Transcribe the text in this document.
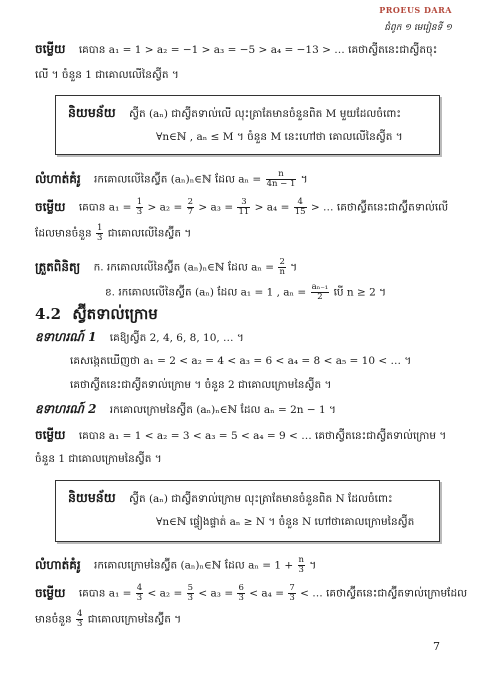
PROEUS DARA
ជំពូក ១ មេរៀនទី ១
ចម្លើយ គេបាន a₁ = 1 > a₂ = −1 > a₃ = −5 > a₄ = −13 > … គេថាស្វ៊ីតនេះជាស្វ៊ីតចុះ
លើ ។ ចំនួន 1 ជាគោលលើនៃស្វ៊ីត ។
និយមន័យ ស្វ៊ីត (aₙ) ជាស្វ៊ីតទាល់លើ លុះត្រាតែមានចំនួនពិត M មួយដែលចំពោះ
∀n∈ℕ , aₙ ≤ M ។ ចំនួន M នេះហៅថា គោលលើនៃស្វ៊ីត ។
លំហាត់គំរូ រកគោលលើនៃស្វ៊ីត (aₙ)ₙ∈ℕ ដែល $a_n = \frac{n}{4n - 1}$ ។
ចម្លើយ គេបាន $a_1 = \frac{1}{3} > a_2 = \frac{2}{7} > a_3 = \frac{3}{11} > a_4 = \frac{4}{15}$ > … គេថាស្វ៊ីតនេះជាស្វ៊ីតទាល់លើ
ដែលមានចំនួន $\frac{1}{3}$ ជាគោលលើនៃស្វ៊ីត ។
ត្រួតពិនិត្យ ក. រកគោលលើនៃស្វ៊ីត (aₙ)ₙ∈ℕ ដែល $a_n = \frac{2}{n}$ ។
ខ. រកគោលលើនៃស្វ៊ីត (aₙ) ដែល a₁ = 1 , $a_n = \frac{\text{aₙ₋₁}}{2}$ បើ n ≥ 2 ។
4.2 ស្វ៊ីតទាល់ក្រោម
ឧទាហរណ៍ 1 គេឱ្យស្វ៊ីត 2, 4, 6, 8, 10, … ។
គេសង្កេតឃើញថា a₁ = 2 < a₂ = 4 < a₃ = 6 < a₄ = 8 < a₅ = 10 < … ។
គេថាស្វ៊ីតនេះជាស្វ៊ីតទាល់ក្រោម ។ ចំនួន 2 ជាគោលក្រោមនៃស្វ៊ីត ។
ឧទាហរណ៍ 2 រកគោលក្រោមនៃស្វ៊ីត (aₙ)ₙ∈ℕ ដែល aₙ = 2n − 1 ។
ចម្លើយ គេបាន a₁ = 1 < a₂ = 3 < a₃ = 5 < a₄ = 9 < … គេថាស្វ៊ីតនេះជាស្វ៊ីតទាល់ក្រោម ។
ចំនួន 1 ជាគោលក្រោមនៃស្វ៊ីត ។
និយមន័យ ស្វ៊ីត (aₙ) ជាស្វ៊ីតទាល់ក្រោម លុះត្រាតែមានចំនួនពិត N ដែលចំពោះ
∀n∈ℕ ផ្ទៀងផ្ទាត់ aₙ ≥ N ។ ចំនួន N ហៅថាគោលក្រោមនៃស្វ៊ីត
លំហាត់គំរូ រកគោលក្រោមនៃស្វ៊ីត (aₙ)ₙ∈ℕ ដែល $a_n = 1 + \frac{n}{3}$ ។
ចម្លើយ គេបាន $a_1 = \frac{4}{3} < a_2 = \frac{5}{3} < a_3 = \frac{6}{3} < a_4 = \frac{7}{3}$ < … គេថាស្វ៊ីតនេះជាស្វ៊ីតទាល់ក្រោមដែល
មានចំនួន $\frac{4}{3}$ ជាគោលក្រោមនៃស្វ៊ីត ។
7
